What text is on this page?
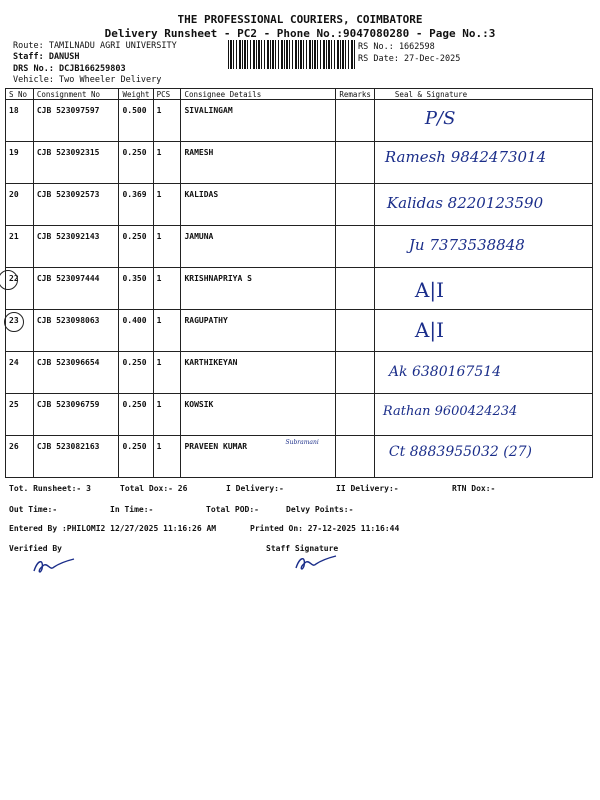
THE PROFESSIONAL COURIERS, COIMBATORE
Delivery Runsheet - PC2 - Phone No.:9047080280 - Page No.:3
Route: TAMILNADU AGRI UNIVERSITY
Staff: DANUSH
DRS No.: DCJB166259803
Vehicle: Two Wheeler Delivery
RS No.: 1662598
RS Date: 27-Dec-2025
S No	Consignment No	Weight	PCS	Consignee Details	Remarks	Seal & Signature
18	CJB 523097597	0.500	1	SIVALINGAM		P/S

19	CJB 523092315	0.250	1	RAMESH		Ramesh 9842473014

20	CJB 523092573	0.369	1	KALIDAS		Kalidas 8220123590

21	CJB 523092143	0.250	1	JAMUNA		Ju 7373538848

22	CJB 523097444	0.350	1	KRISHNAPRIYA S		A|I

23	CJB 523098063	0.400	1	RAGUPATHY		A|I

24	CJB 523096654	0.250	1	KARTHIKEYAN		Ak 6380167514

25	CJB 523096759	0.250	1	KOWSIK		Rathan 9600424234

26	CJB 523082163	0.250	1	PRAVEEN KUMAR Subramani		Ct 8883955032 (27)
Tot. Runsheet:- 3	Total Dox:- 26	I Delivery:-	II Delivery:-	RTN Dox:-
Out Time:-	In Time:-	Total POD:-	Delvy Points:-
Entered By :PHILOMI2 12/27/2025 11:16:26 AM	Printed On: 27-12-2025 11:16:44
Verified By	Staff Signature
